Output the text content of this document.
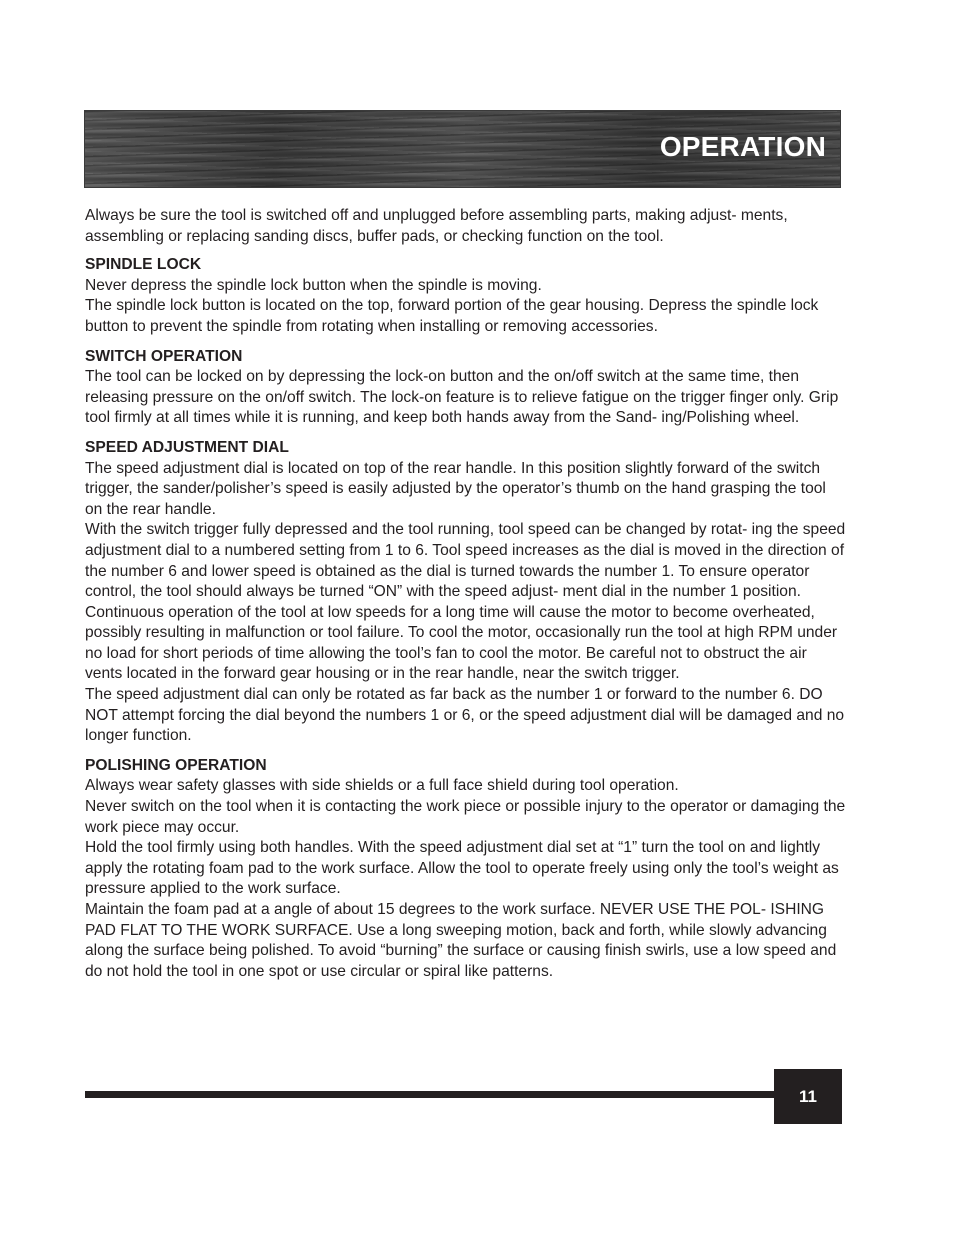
OPERATION

Always be sure the tool is switched off and unplugged before assembling parts, making adjust- ments, assembling or replacing sanding discs, buffer pads, or checking function on the tool.

SPINDLE LOCK

Never depress the spindle lock button when the spindle is moving.

The spindle lock button is located on the top, forward portion of the gear housing. Depress the spindle lock button to prevent the spindle from rotating when installing or removing accessories.

SWITCH OPERATION

The tool can be locked on by depressing the lock-on button and the on/off switch at the same time, then releasing pressure on the on/off switch. The lock-on feature is to relieve fatigue on the trigger finger only. Grip tool firmly at all times while it is running, and keep both hands away from the Sand- ing/Polishing wheel.

SPEED ADJUSTMENT DIAL

The speed adjustment dial is located on top of the rear handle. In this position slightly forward of the switch trigger, the sander/polisher’s speed is easily adjusted by the operator’s thumb on the hand grasping the tool on the rear handle.

With the switch trigger fully depressed and the tool running, tool speed can be changed by rotat- ing the speed adjustment dial to a numbered setting from 1 to 6. Tool speed increases as the dial is moved in the direction of the number 6 and lower speed is obtained as the dial is turned towards the number 1. To ensure operator control, the tool should always be turned “ON” with the speed adjust- ment dial in the number 1 position.

Continuous operation of the tool at low speeds for a long time will cause the motor to become overheated, possibly resulting in malfunction or tool failure. To cool the motor, occasionally run the tool at high RPM under no load for short periods of time allowing the tool’s fan to cool the motor. Be careful not to obstruct the air vents located in the forward gear housing or in the rear handle, near the switch trigger.

The speed adjustment dial can only be rotated as far back as the number 1 or forward to the number 6. DO NOT attempt forcing the dial beyond the numbers 1 or 6, or the speed adjustment dial will be damaged and no longer function.

POLISHING OPERATION

Always wear safety glasses with side shields or a full face shield during tool operation.

Never switch on the tool when it is contacting the work piece or possible injury to the operator or damaging the work piece may occur.

Hold the tool firmly using both handles. With the speed adjustment dial set at “1” turn the tool on and lightly apply the rotating foam pad to the work surface. Allow the tool to operate freely using only the tool’s weight as pressure applied to the work surface.

Maintain the foam pad at a angle of about 15 degrees to the work surface. NEVER USE THE POL- ISHING PAD FLAT TO THE WORK SURFACE. Use a long sweeping motion, back and forth, while slowly advancing along the surface being polished. To avoid “burning” the surface or causing finish swirls, use a low speed and do not hold the tool in one spot or use circular or spiral like patterns.

11
